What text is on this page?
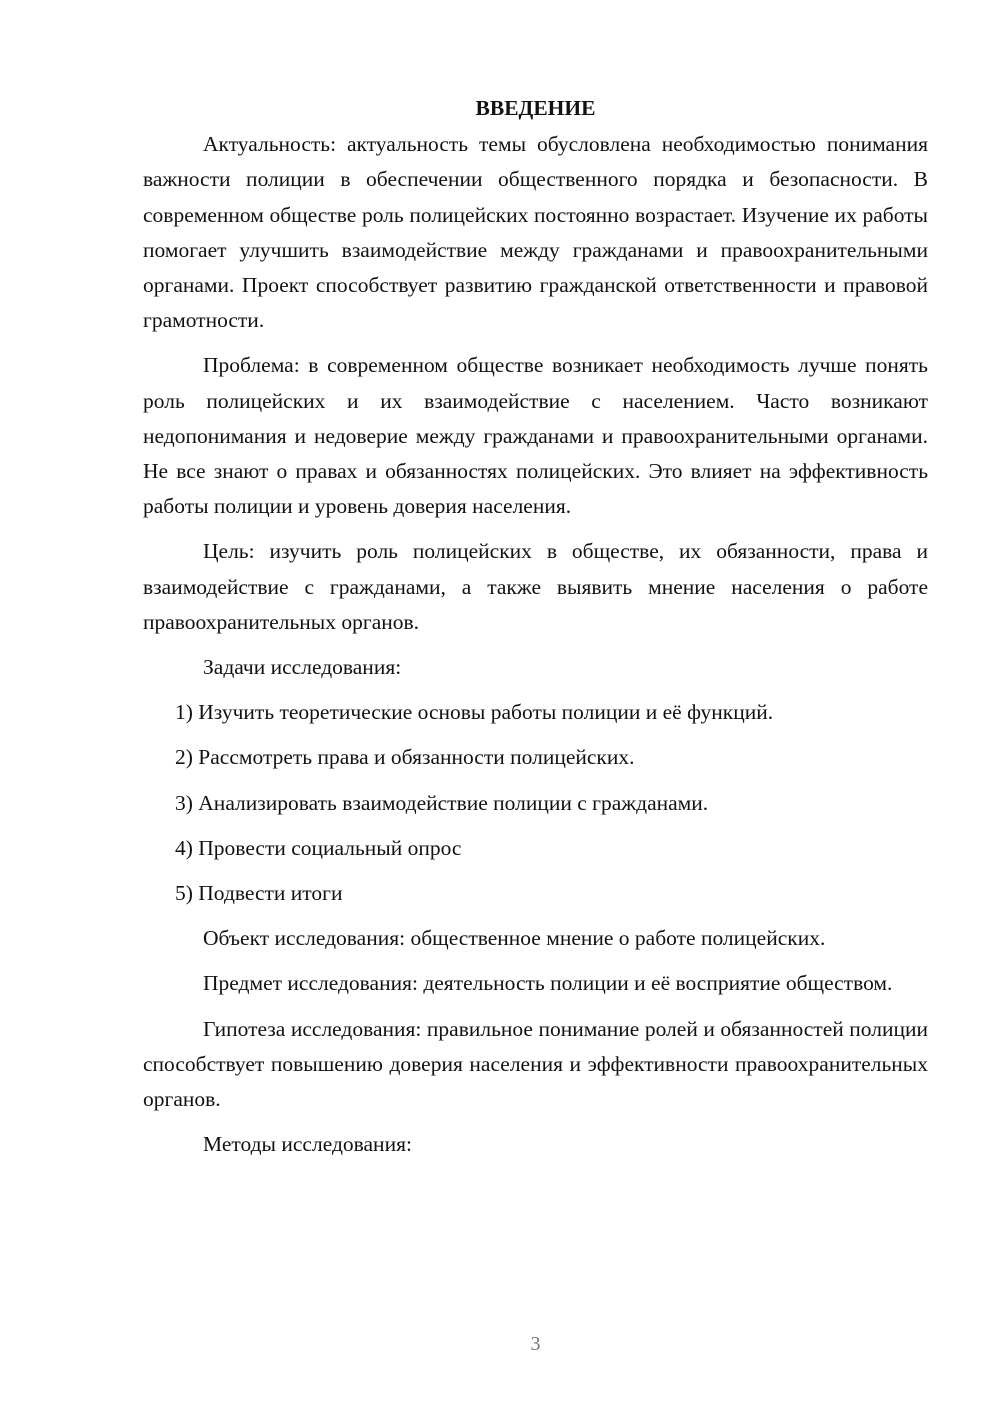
ВВЕДЕНИЕ
Актуальность: актуальность темы обусловлена необходимостью понимания важности полиции в обеспечении общественного порядка и безопасности. В современном обществе роль полицейских постоянно возрастает. Изучение их работы помогает улучшить взаимодействие между гражданами и правоохранительными органами. Проект способствует развитию гражданской ответственности и правовой грамотности.
Проблема: в современном обществе возникает необходимость лучше понять роль полицейских и их взаимодействие с населением. Часто возникают недопонимания и недоверие между гражданами и правоохранительными органами. Не все знают о правах и обязанностях полицейских. Это влияет на эффективность работы полиции и уровень доверия населения.
Цель: изучить роль полицейских в обществе, их обязанности, права и взаимодействие с гражданами, а также выявить мнение населения о работе правоохранительных органов.
Задачи исследования:
1) Изучить теоретические основы работы полиции и её функций.
2) Рассмотреть права и обязанности полицейских.
3) Анализировать взаимодействие полиции с гражданами.
4) Провести социальный опрос
5) Подвести итоги
Объект исследования: общественное мнение о работе полицейских.
Предмет исследования: деятельность полиции и её восприятие обществом.
Гипотеза исследования: правильное понимание ролей и обязанностей полиции способствует повышению доверия населения и эффективности правоохранительных органов.
Методы исследования:
3
